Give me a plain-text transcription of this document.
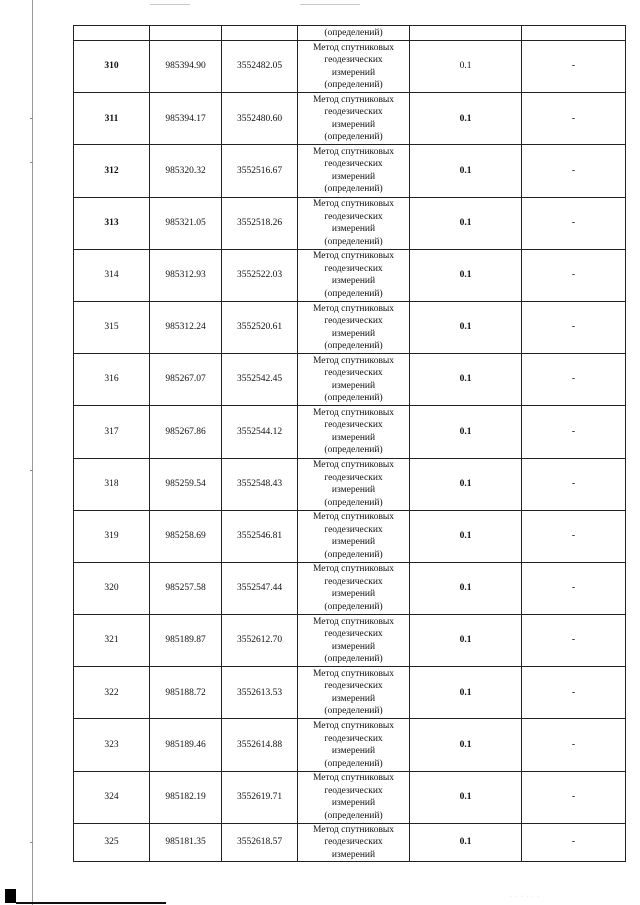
			(определений)		
310	985394.90	3552482.05	Метод спутниковых
геодезических
измерений
(определений)	0.1	-
311	985394.17	3552480.60	Метод спутниковых
геодезических
измерений
(определений)	0.1	-
312	985320.32	3552516.67	Метод спутниковых
геодезических
измерений
(определений)	0.1	-
313	985321.05	3552518.26	Метод спутниковых
геодезических
измерений
(определений)	0.1	-
314	985312.93	3552522.03	Метод спутниковых
геодезических
измерений
(определений)	0.1	-
315	985312.24	3552520.61	Метод спутниковых
геодезических
измерений
(определений)	0.1	-
316	985267.07	3552542.45	Метод спутниковых
геодезических
измерений
(определений)	0.1	-
317	985267.86	3552544.12	Метод спутниковых
геодезических
измерений
(определений)	0.1	-
318	985259.54	3552548.43	Метод спутниковых
геодезических
измерений
(определений)	0.1	-
319	985258.69	3552546.81	Метод спутниковых
геодезических
измерений
(определений)	0.1	-
320	985257.58	3552547.44	Метод спутниковых
геодезических
измерений
(определений)	0.1	-
321	985189.87	3552612.70	Метод спутниковых
геодезических
измерений
(определений)	0.1	-
322	985188.72	3552613.53	Метод спутниковых
геодезических
измерений
(определений)	0.1	-
323	985189.46	3552614.88	Метод спутниковых
геодезических
измерений
(определений)	0.1	-
324	985182.19	3552619.71	Метод спутниковых
геодезических
измерений
(определений)	0.1	-
325	985181.35	3552618.57	Метод спутниковых
геодезических
измерений	0.1	-
· · · · · ·
